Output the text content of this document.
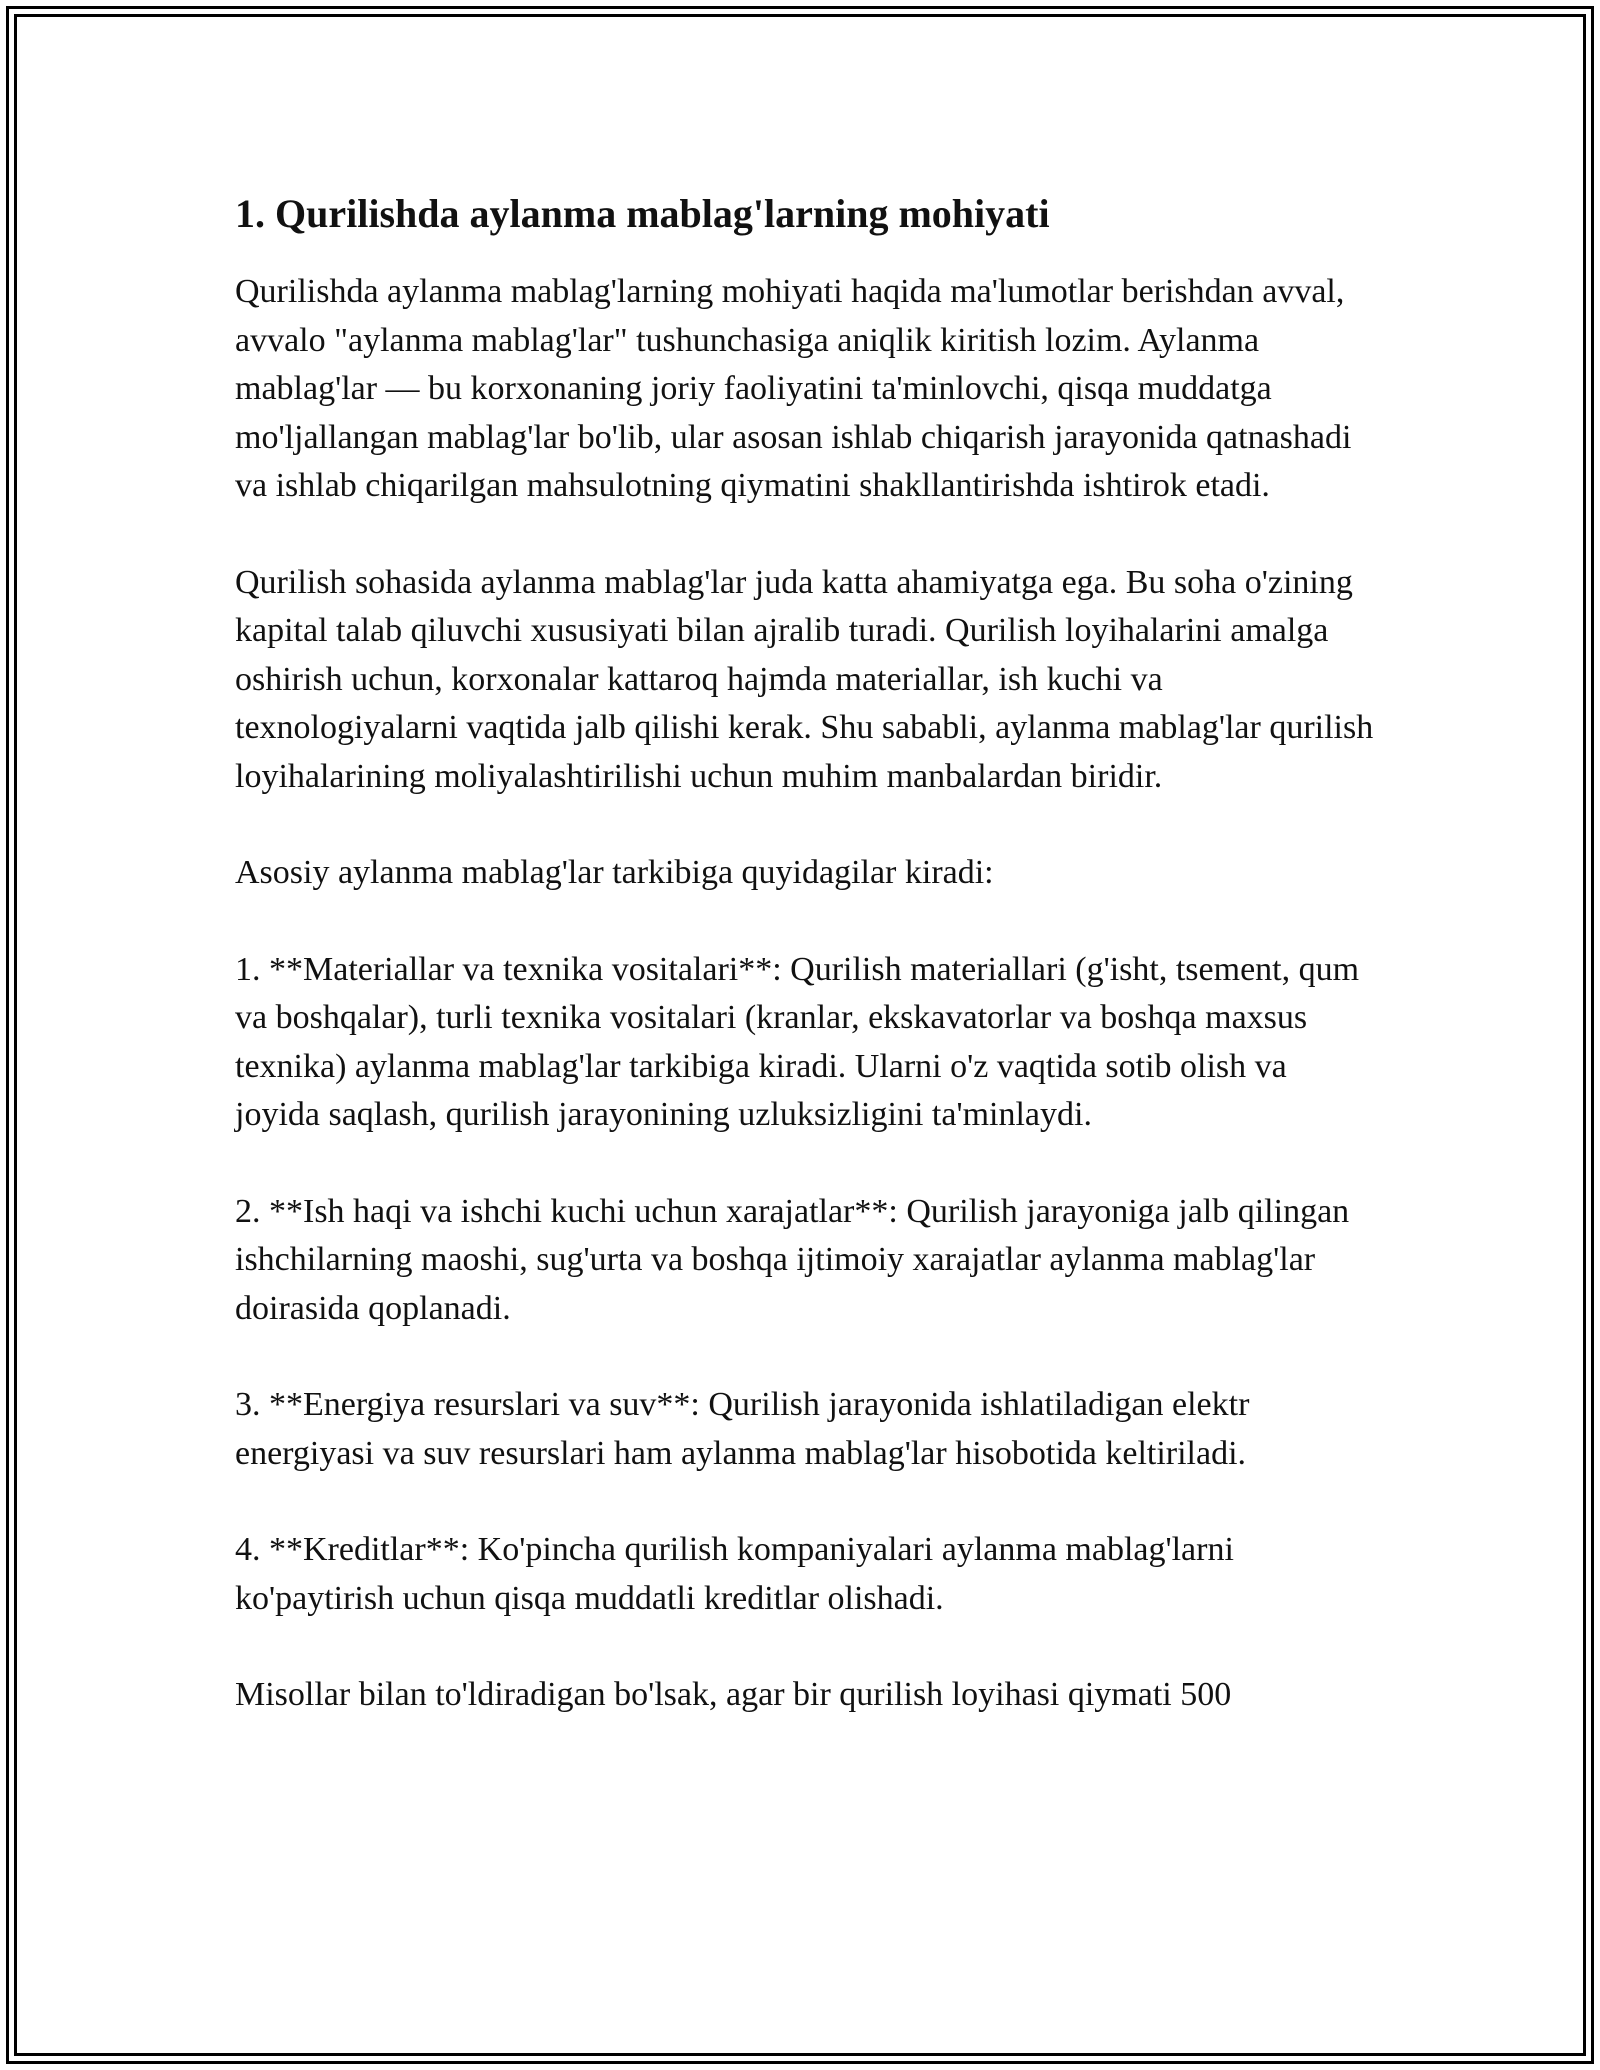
1. Qurilishda aylanma mablag'larning mohiyati

Qurilishda aylanma mablag'larning mohiyati haqida ma'lumotlar berishdan avval, avvalo "aylanma mablag'lar" tushunchasiga aniqlik kiritish lozim. Aylanma mablag'lar — bu korxonaning joriy faoliyatini ta'minlovchi, qisqa muddatga mo'ljallangan mablag'lar bo'lib, ular asosan ishlab chiqarish jarayonida qatnashadi va ishlab chiqarilgan mahsulotning qiymatini shakllantirishda ishtirok etadi.

Qurilish sohasida aylanma mablag'lar juda katta ahamiyatga ega. Bu soha o'zining kapital talab qiluvchi xususiyati bilan ajralib turadi. Qurilish loyihalarini amalga oshirish uchun, korxonalar kattaroq hajmda materiallar, ish kuchi va texnologiyalarni vaqtida jalb qilishi kerak. Shu sababli, aylanma mablag'lar qurilish loyihalarining moliyalashtirilishi uchun muhim manbalardan biridir.

Asosiy aylanma mablag'lar tarkibiga quyidagilar kiradi:

1. **Materiallar va texnika vositalari**: Qurilish materiallari (g'isht, tsement, qum va boshqalar), turli texnika vositalari (kranlar, ekskavatorlar va boshqa maxsus texnika) aylanma mablag'lar tarkibiga kiradi. Ularni o'z vaqtida sotib olish va joyida saqlash, qurilish jarayonining uzluksizligini ta'minlaydi.

2. **Ish haqi va ishchi kuchi uchun xarajatlar**: Qurilish jarayoniga jalb qilingan ishchilarning maoshi, sug'urta va boshqa ijtimoiy xarajatlar aylanma mablag'lar doirasida qoplanadi.

3. **Energiya resurslari va suv**: Qurilish jarayonida ishlatiladigan elektr energiyasi va suv resurslari ham aylanma mablag'lar hisobotida keltiriladi.

4. **Kreditlar**: Ko'pincha qurilish kompaniyalari aylanma mablag'larni ko'paytirish uchun qisqa muddatli kreditlar olishadi.

Misollar bilan to'ldiradigan bo'lsak, agar bir qurilish loyihasi qiymati 500
